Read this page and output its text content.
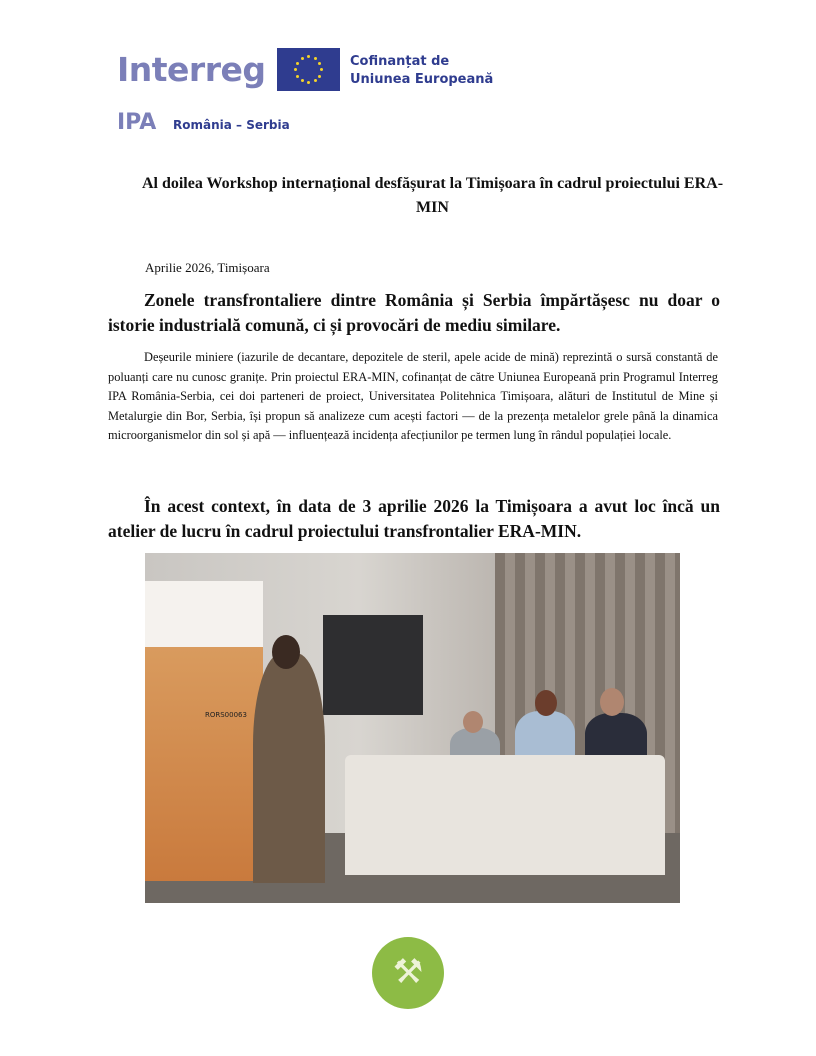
Interreg	Cofinanțat de
Uniunea Europeană
IPA România – Serbia
Al doilea Workshop internațional desfășurat la Timișoara în cadrul proiectului ERA-MIN
Aprilie 2026, Timișoara
Zonele transfrontaliere dintre România și Serbia împărtășesc nu doar o istorie industrială comună, ci și provocări de mediu similare.
Deșeurile miniere (iazurile de decantare, depozitele de steril, apele acide de mină) reprezintă o sursă constantă de poluanți care nu cunosc granițe. Prin proiectul ERA-MIN, cofinanțat de către Uniunea Europeană prin Programul Interreg IPA România-Serbia, cei doi parteneri de proiect, Universitatea Politehnica Timișoara, alături de Institutul de Mine și Metalurgie din Bor, Serbia, își propun să analizeze cum acești factori — de la prezența metalelor grele până la dinamica microorganismelor din sol și apă — influențează incidența afecțiunilor pe termen lung în rândul populației locale.
În acest context, în data de 3 aprilie 2026 la Timișoara a avut loc încă un atelier de lucru în cadrul proiectului transfrontalier ERA-MIN.
RORS00063
⚒
